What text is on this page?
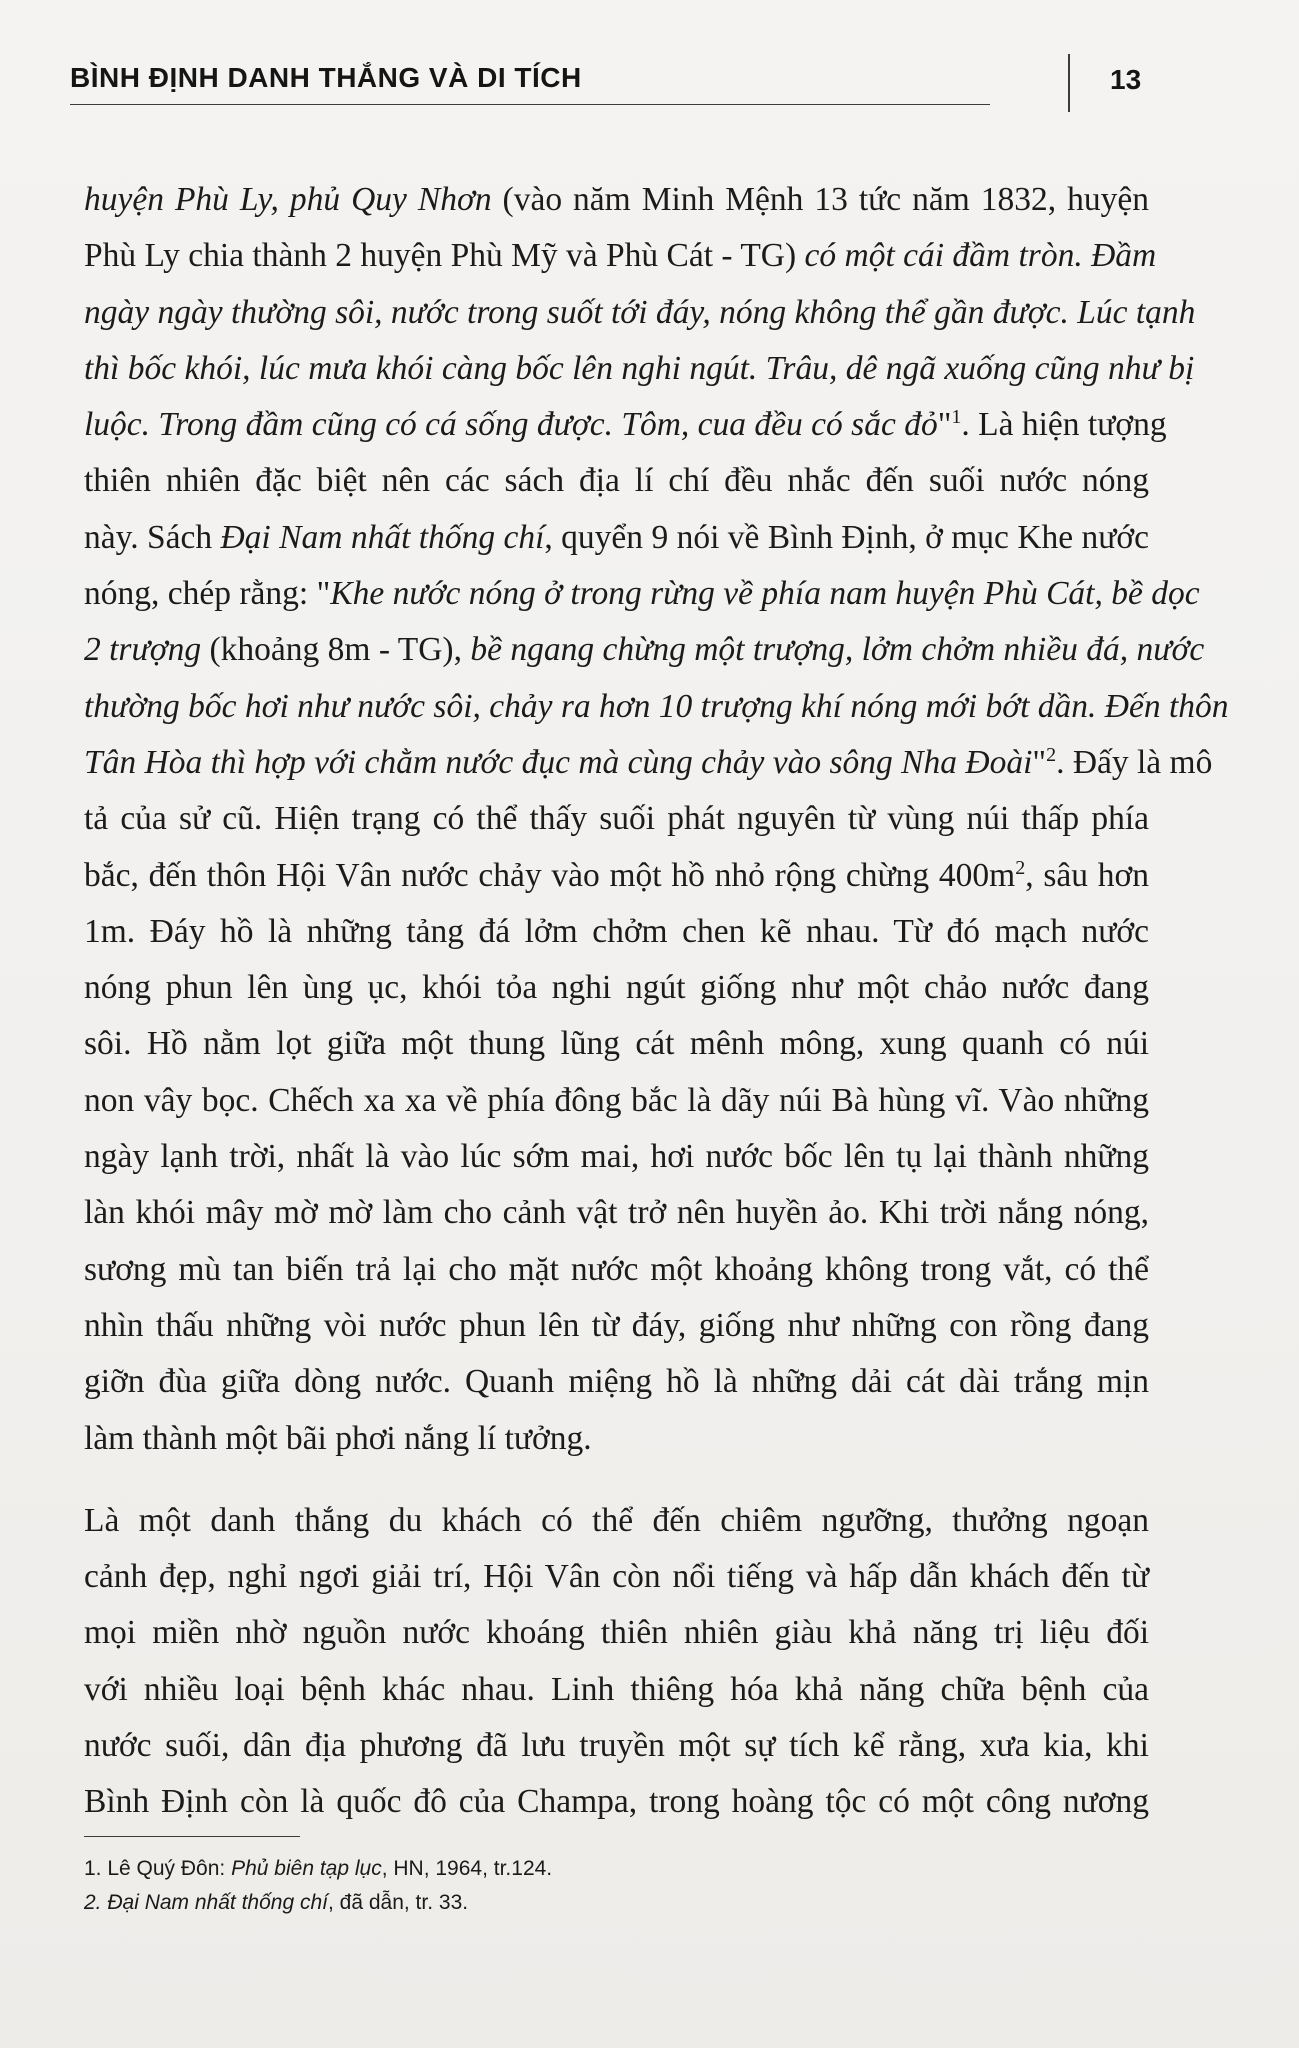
BÌNH ĐỊNH DANH THẮNG VÀ DI TÍCH	13
huyện Phù Ly, phủ Quy Nhơn (vào năm Minh Mệnh 13 tức năm 1832, huyện
Phù Ly chia thành 2 huyện Phù Mỹ và Phù Cát - TG) có một cái đầm tròn. Đầm
ngày ngày thường sôi, nước trong suốt tới đáy, nóng không thể gần được. Lúc tạnh
thì bốc khói, lúc mưa khói càng bốc lên nghi ngút. Trâu, dê ngã xuống cũng như bị
luộc. Trong đầm cũng có cá sống được. Tôm, cua đều có sắc đỏ"$^1$. Là hiện tượng
thiên nhiên đặc biệt nên các sách địa lí chí đều nhắc đến suối nước nóng
này. Sách Đại Nam nhất thống chí, quyển 9 nói về Bình Định, ở mục Khe nước
nóng, chép rằng: "Khe nước nóng ở trong rừng về phía nam huyện Phù Cát, bề dọc
2 trượng (khoảng 8m - TG), bề ngang chừng một trượng, lởm chởm nhiều đá, nước
thường bốc hơi như nước sôi, chảy ra hơn 10 trượng khí nóng mới bớt dần. Đến thôn
Tân Hòa thì hợp với chằm nước đục mà cùng chảy vào sông Nha Đoài"$^2$. Đấy là mô
tả của sử cũ. Hiện trạng có thể thấy suối phát nguyên từ vùng núi thấp phía
bắc, đến thôn Hội Vân nước chảy vào một hồ nhỏ rộng chừng $400m^2$, sâu hơn
1m. Đáy hồ là những tảng đá lởm chởm chen kẽ nhau. Từ đó mạch nước
nóng phun lên ùng ục, khói tỏa nghi ngút giống như một chảo nước đang
sôi. Hồ nằm lọt giữa một thung lũng cát mênh mông, xung quanh có núi
non vây bọc. Chếch xa xa về phía đông bắc là dãy núi Bà hùng vĩ. Vào những
ngày lạnh trời, nhất là vào lúc sớm mai, hơi nước bốc lên tụ lại thành những
làn khói mây mờ mờ làm cho cảnh vật trở nên huyền ảo. Khi trời nắng nóng,
sương mù tan biến trả lại cho mặt nước một khoảng không trong vắt, có thể
nhìn thấu những vòi nước phun lên từ đáy, giống như những con rồng đang
giỡn đùa giữa dòng nước. Quanh miệng hồ là những dải cát dài trắng mịn
làm thành một bãi phơi nắng lí tưởng.
Là một danh thắng du khách có thể đến chiêm ngưỡng, thưởng ngoạn
cảnh đẹp, nghỉ ngơi giải trí, Hội Vân còn nổi tiếng và hấp dẫn khách đến từ
mọi miền nhờ nguồn nước khoáng thiên nhiên giàu khả năng trị liệu đối
với nhiều loại bệnh khác nhau. Linh thiêng hóa khả năng chữa bệnh của
nước suối, dân địa phương đã lưu truyền một sự tích kể rằng, xưa kia, khi
Bình Định còn là quốc đô của Champa, trong hoàng tộc có một công nương
1. Lê Quý Đôn: Phủ biên tạp lục, HN, 1964, tr.124.
2. Đại Nam nhất thống chí, đã dẫn, tr. 33.
